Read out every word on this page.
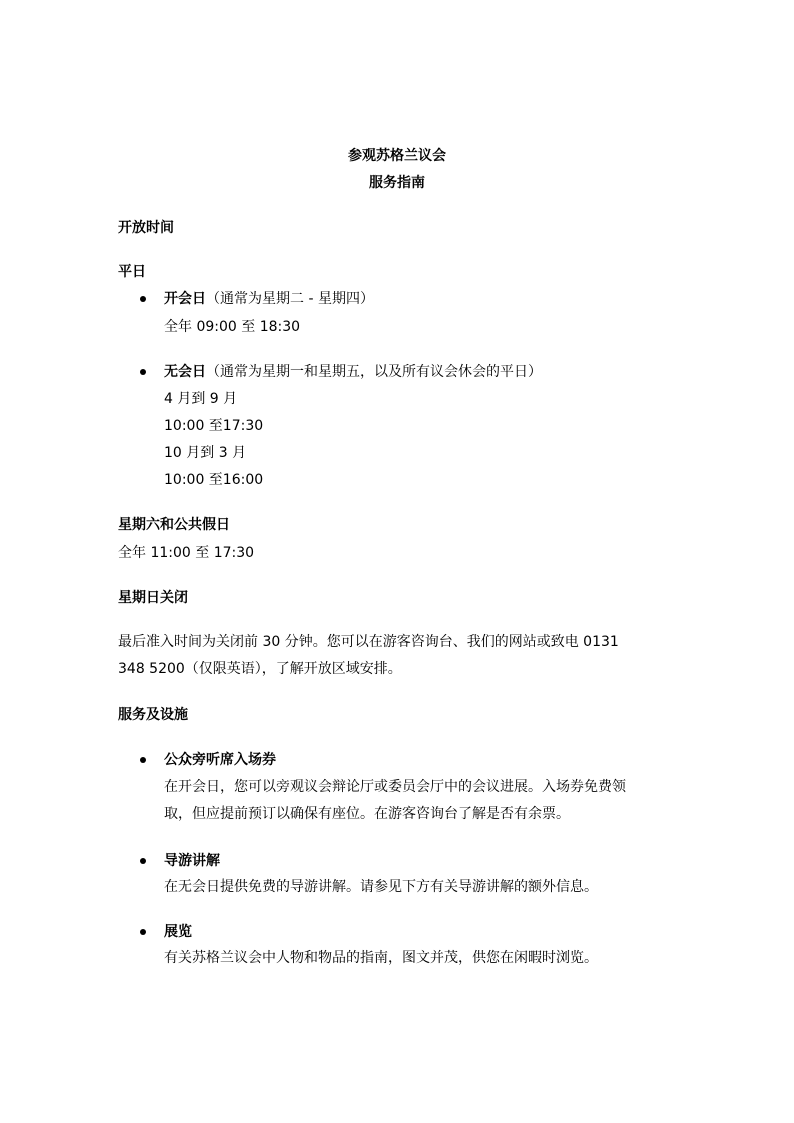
参观苏格兰议会
服务指南
开放时间
平日
开会日（通常为星期二 - 星期四）
全年 09:00 至 18:30
无会日（通常为星期一和星期五，以及所有议会休会的平日）
4 月到 9 月
10:00 至17:30
10 月到 3 月
10:00 至16:00
星期六和公共假日
全年 11:00 至 17:30
星期日关闭
最后准入时间为关闭前 30 分钟。您可以在游客咨询台、我们的网站或致电 0131
348 5200（仅限英语），了解开放区域安排。
服务及设施
公众旁听席入场券
在开会日，您可以旁观议会辩论厅或委员会厅中的会议进展。入场券免费领
取，但应提前预订以确保有座位。在游客咨询台了解是否有余票。
导游讲解
在无会日提供免费的导游讲解。请参见下方有关导游讲解的额外信息。
展览
有关苏格兰议会中人物和物品的指南，图文并茂，供您在闲暇时浏览。
